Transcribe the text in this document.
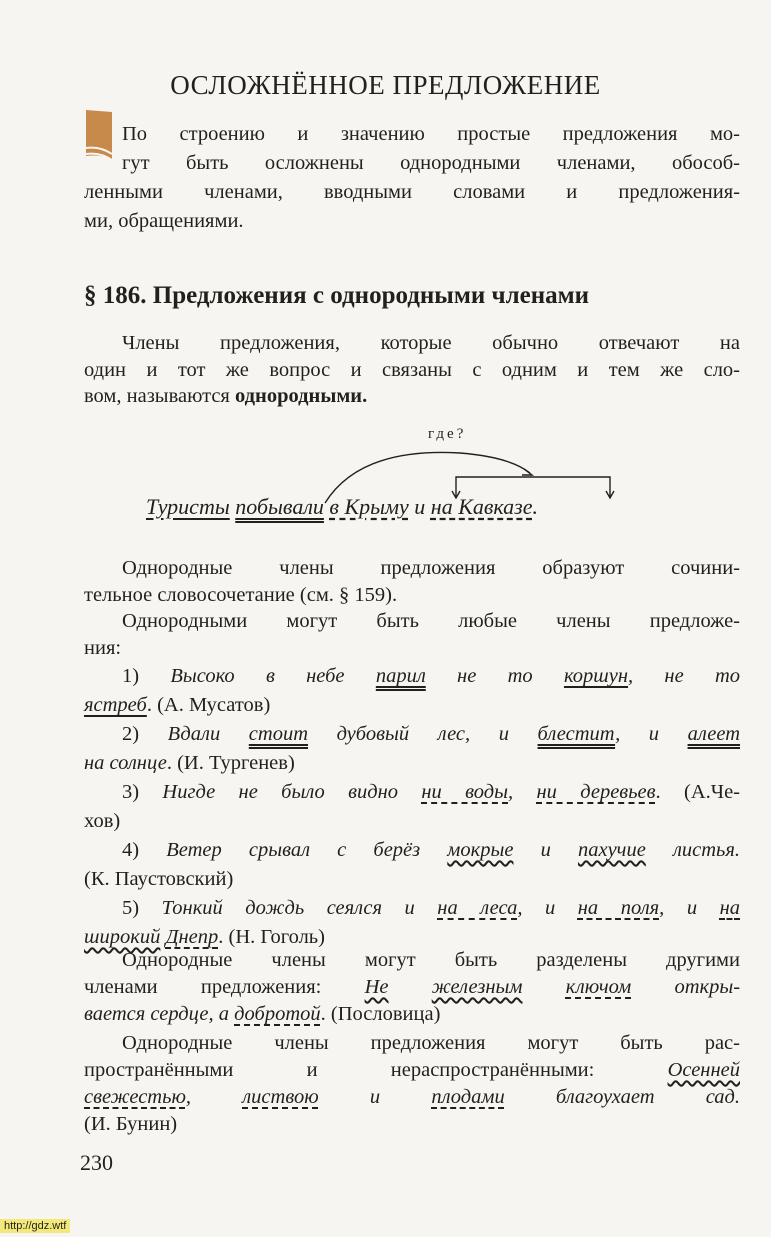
ОСЛОЖНЁННОЕ ПРЕДЛОЖЕНИЕ
По строению и значению простые предложения мо-
гут быть осложнены однородными членами, обособ-
ленными членами, вводными словами и предложения-
ми, обращениями.
§ 186. Предложения с однородными членами
Члены предложения, которые обычно отвечают на
один и тот же вопрос и связаны с одним и тем же сло-
вом, называются однородными.
где?
Туристы побывали в Крыму и на Кавказе.
Однородные члены предложения образуют сочини-
тельное словосочетание (см. § 159).
Однородными могут быть любые члены предложе-
ния:
1) Высоко в небе парил не то коршун, не то
ястреб. (А. Мусатов)
2) Вдали стоит дубовый лес, и блестит, и алеет
на солнце. (И. Тургенев)
3) Нигде не было видно ни воды, ни деревьев. (А.Че-
хов)
4) Ветер срывал с берёз мокрые и пахучие листья.
(К. Паустовский)
5) Тонкий дождь сеялся и на леса, и на поля, и на
широкий Днепр. (Н. Гоголь)
Однородные члены могут быть разделены другими
членами предложения: Не железным ключом откры-
вается сердце, а добротой. (Пословица)
Однородные члены предложения могут быть рас-
пространёнными и нераспространёнными:	Осенней
свежестью, листвою и плодами благоухает сад.
(И. Бунин)
230
http://gdz.wtf
